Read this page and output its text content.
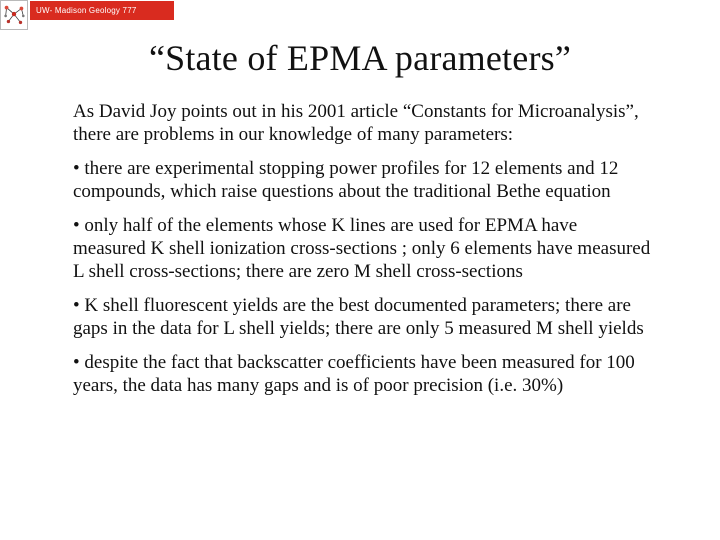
UW- Madison Geology 777
“State of EPMA parameters”

As David Joy points out in his 2001 article “Constants for Microanalysis”, there are problems in our knowledge of many parameters:

• there are experimental stopping power profiles for 12 elements and 12 compounds, which raise questions about the traditional Bethe equation

• only half of the elements whose K lines are used for EPMA have measured K shell ionization cross-sections ; only 6 elements have measured L shell cross-sections; there are zero M shell cross-sections

• K shell fluorescent yields are the best documented parameters; there are gaps in the data for L shell yields; there are only 5 measured M shell yields

• despite the fact that backscatter coefficients have been measured for 100 years, the data has many gaps and is of poor precision (i.e. 30%)
